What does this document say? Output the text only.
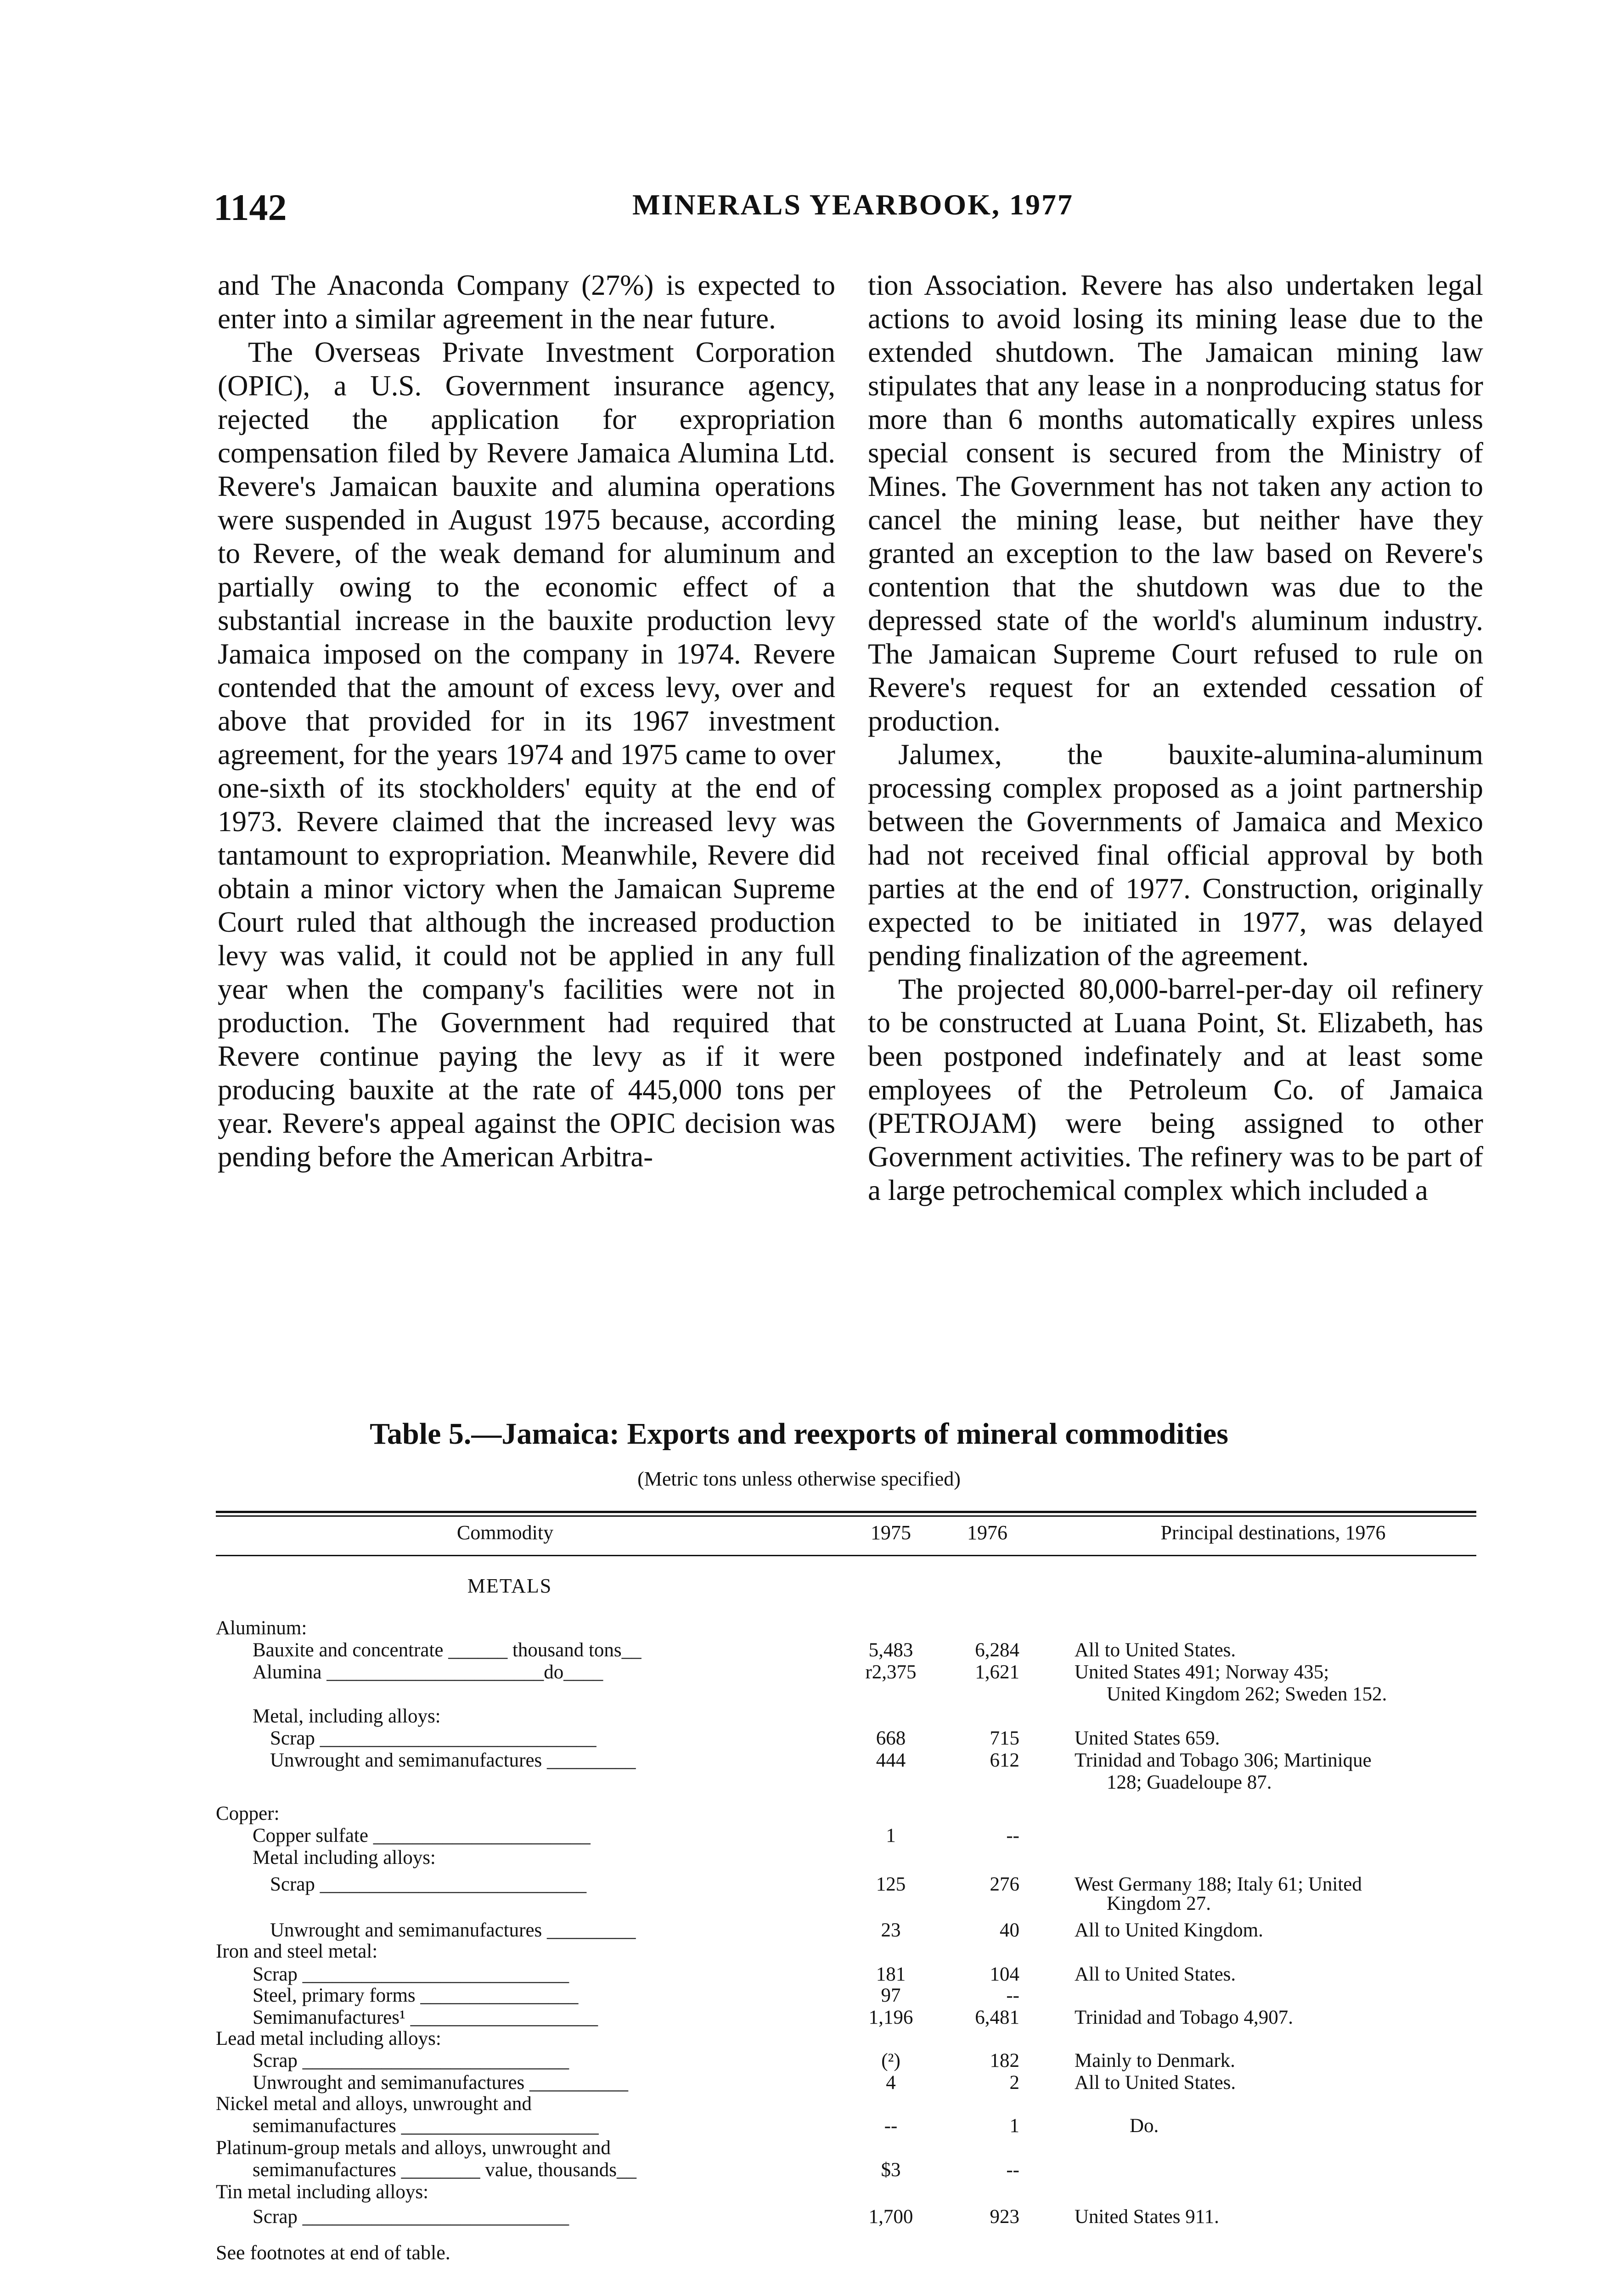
1142	MINERALS YEARBOOK, 1977

and The Anaconda Company (27%) is expected to enter into a similar agreement in the near future.

The Overseas Private Investment Corporation (OPIC), a U.S. Government insurance agency, rejected the application for expropriation compensation filed by Revere Jamaica Alumina Ltd. Revere's Jamaican bauxite and alumina operations were suspended in August 1975 because, according to Revere, of the weak demand for aluminum and partially owing to the economic effect of a substantial increase in the bauxite production levy Jamaica imposed on the company in 1974. Revere contended that the amount of excess levy, over and above that provided for in its 1967 investment agreement, for the years 1974 and 1975 came to over one-sixth of its stockholders' equity at the end of 1973. Revere claimed that the increased levy was tantamount to expropriation. Meanwhile, Revere did obtain a minor victory when the Jamaican Supreme Court ruled that although the increased production levy was valid, it could not be applied in any full year when the company's facilities were not in production. The Government had required that Revere continue paying the levy as if it were producing bauxite at the rate of 445,000 tons per year. Revere's appeal against the OPIC decision was pending before the American Arbitra-

tion Association. Revere has also undertaken legal actions to avoid losing its mining lease due to the extended shutdown. The Jamaican mining law stipulates that any lease in a nonproducing status for more than 6 months automatically expires unless special consent is secured from the Ministry of Mines. The Government has not taken any action to cancel the mining lease, but neither have they granted an exception to the law based on Revere's contention that the shutdown was due to the depressed state of the world's aluminum industry. The Jamaican Supreme Court refused to rule on Revere's request for an extended cessation of production.

Jalumex, the bauxite-alumina-aluminum processing complex proposed as a joint partnership between the Governments of Jamaica and Mexico had not received final official approval by both parties at the end of 1977. Construction, originally expected to be initiated in 1977, was delayed pending finalization of the agreement.

The projected 80,000-barrel-per-day oil refinery to be constructed at Luana Point, St. Elizabeth, has been postponed indefinately and at least some employees of the Petroleum Co. of Jamaica (PETROJAM) were being assigned to other Government activities. The refinery was to be part of a large petrochemical complex which included a

Table 5.—Jamaica: Exports and reexports of mineral commodities
(Metric tons unless otherwise specified)
Commodity	1975	1976	Principal destinations, 1976
METALS
Aluminum:
Bauxite and concentrate ______ thousand tons__	5,483	6,284	All to United States.
Alumina ______________________do____	r2,375	1,621	United States 491; Norway 435;
United Kingdom 262; Sweden 152.
Metal, including alloys:
Scrap ____________________________	668	715	United States 659.
Unwrought and semimanufactures _________	444	612	Trinidad and Tobago 306; Martinique
128; Guadeloupe 87.
Copper:
Copper sulfate ______________________	1	--
Metal including alloys:
Scrap ___________________________	125	276	West Germany 188; Italy 61; United
Kingdom 27.
Unwrought and semimanufactures _________	23	40	All to United Kingdom.
Iron and steel metal:
Scrap ___________________________	181	104	All to United States.
Steel, primary forms ________________	97	--
Semimanufactures¹ ___________________	1,196	6,481	Trinidad and Tobago 4,907.
Lead metal including alloys:
Scrap ___________________________	(²)	182	Mainly to Denmark.
Unwrought and semimanufactures __________	4	2	All to United States.
Nickel metal and alloys, unwrought and
semimanufactures ____________________	--	1	Do.
Platinum-group metals and alloys, unwrought and
semimanufactures ________ value, thousands__	$3	--
Tin metal including alloys:
Scrap ___________________________	1,700	923	United States 911.
See footnotes at end of table.
